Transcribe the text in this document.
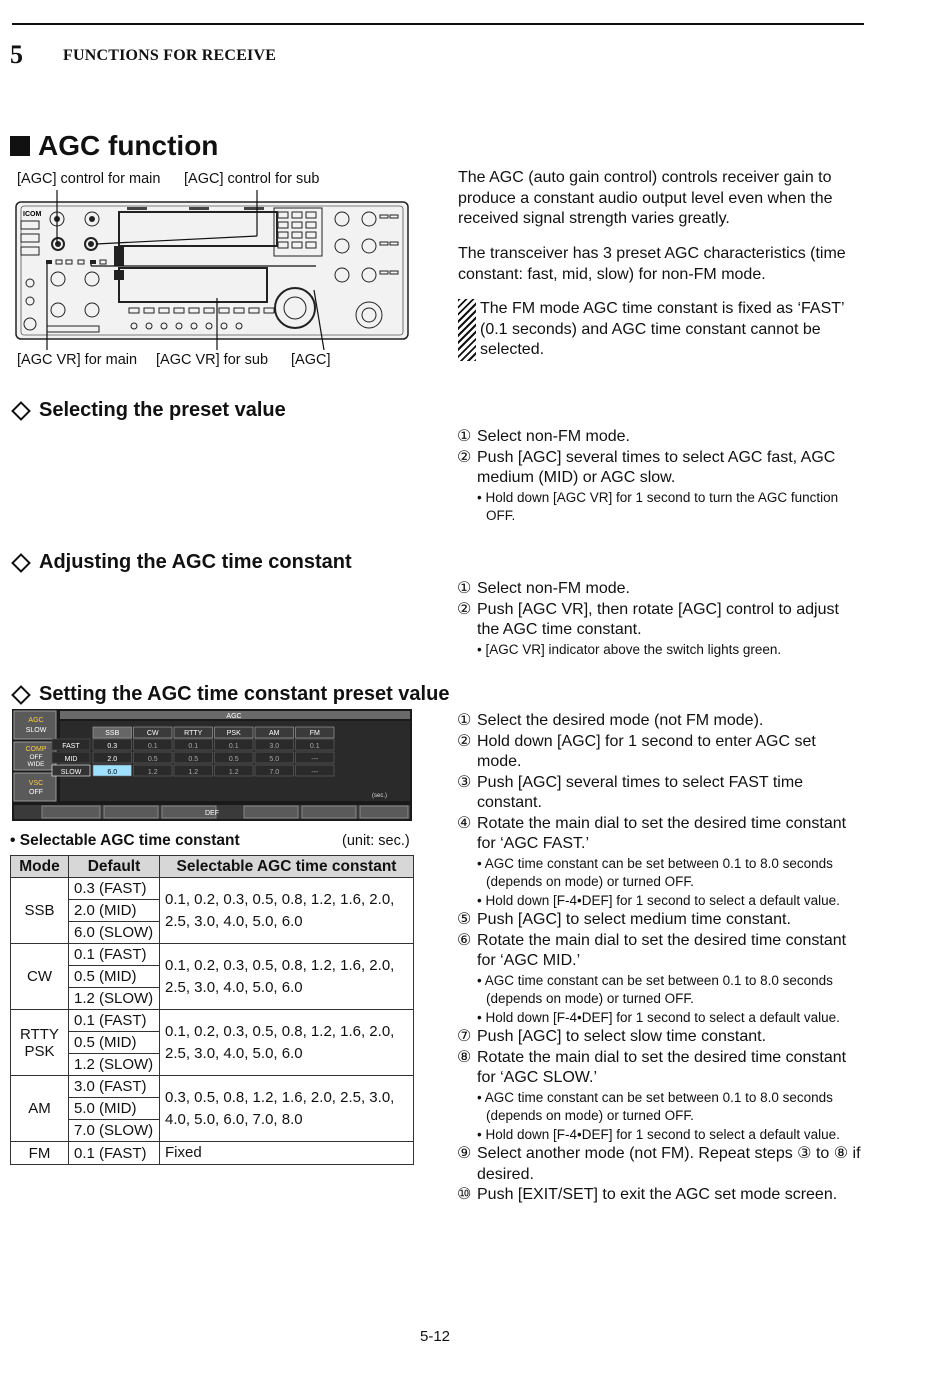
5	FUNCTIONS FOR RECEIVE
AGC function
[AGC] control for main [AGC] control for sub
[AGC VR] for main [AGC VR] for sub [AGC]
ICOM
The AGC (auto gain control) controls receiver gain to produce a constant audio output level even when the received signal strength varies greatly.
The transceiver has 3 preset AGC characteristics (time constant: fast, mid, slow) for non-FM mode.
The FM mode AGC time constant is fixed as ‘FAST’ (0.1 seconds) and AGC time constant cannot be selected.
Selecting the preset value
① Select non-FM mode.
② Push [AGC] several times to select AGC fast, AGC medium (MID) or AGC slow.
• Hold down [AGC VR] for 1 second to turn the AGC function OFF.
Adjusting the AGC time constant
① Select non-FM mode.
② Push [AGC VR], then rotate [AGC] control to adjust the AGC time constant.
• [AGC VR] indicator above the switch lights green.
Setting the AGC time constant preset value
AGC
AGC
SLOW
COMP
OFF
WIDE
VSC
OFF
SSB	CW	RTTY	PSK	AM	FM
FAST	0.3	0.1	0.1	0.1	3.0	0.1
MID	2.0	0.5	0.5	0.5	5.0	---
SLOW	6.0	1.2	1.2	1.2	7.0	---
(sec.)
DEF
• Selectable AGC time constant	(unit: sec.)
Mode	Default	Selectable AGC time constant
SSB	0.3 (FAST)	0.1, 0.2, 0.3, 0.5, 0.8, 1.2, 1.6, 2.0, 2.5, 3.0, 4.0, 5.0, 6.0
	2.0 (MID)	
	6.0 (SLOW)	
CW	0.1 (FAST)	0.1, 0.2, 0.3, 0.5, 0.8, 1.2, 1.6, 2.0, 2.5, 3.0, 4.0, 5.0, 6.0
	0.5 (MID)	
	1.2 (SLOW)	
RTTY
PSK	0.1 (FAST)	0.1, 0.2, 0.3, 0.5, 0.8, 1.2, 1.6, 2.0, 2.5, 3.0, 4.0, 5.0, 6.0
	0.5 (MID)	
	1.2 (SLOW)	
AM	3.0 (FAST)	0.3, 0.5, 0.8, 1.2, 1.6, 2.0, 2.5, 3.0, 4.0, 5.0, 6.0, 7.0, 8.0
	5.0 (MID)	
	7.0 (SLOW)	
FM	0.1 (FAST)	Fixed
① Select the desired mode (not FM mode).
② Hold down [AGC] for 1 second to enter AGC set mode.
③ Push [AGC] several times to select FAST time constant.
④ Rotate the main dial to set the desired time constant for ‘AGC FAST.’
• AGC time constant can be set between 0.1 to 8.0 seconds (depends on mode) or turned OFF.
• Hold down [F-4•DEF] for 1 second to select a default value.
⑤ Push [AGC] to select medium time constant.
⑥ Rotate the main dial to set the desired time constant for ‘AGC MID.’
• AGC time constant can be set between 0.1 to 8.0 seconds (depends on mode) or turned OFF.
• Hold down [F-4•DEF] for 1 second to select a default value.
⑦ Push [AGC] to select slow time constant.
⑧ Rotate the main dial to set the desired time constant for ‘AGC SLOW.’
• AGC time constant can be set between 0.1 to 8.0 seconds (depends on mode) or turned OFF.
• Hold down [F-4•DEF] for 1 second to select a default value.
⑨ Select another mode (not FM). Repeat steps ③ to ⑧ if desired.
⑩ Push [EXIT/SET] to exit the AGC set mode screen.
5-12
